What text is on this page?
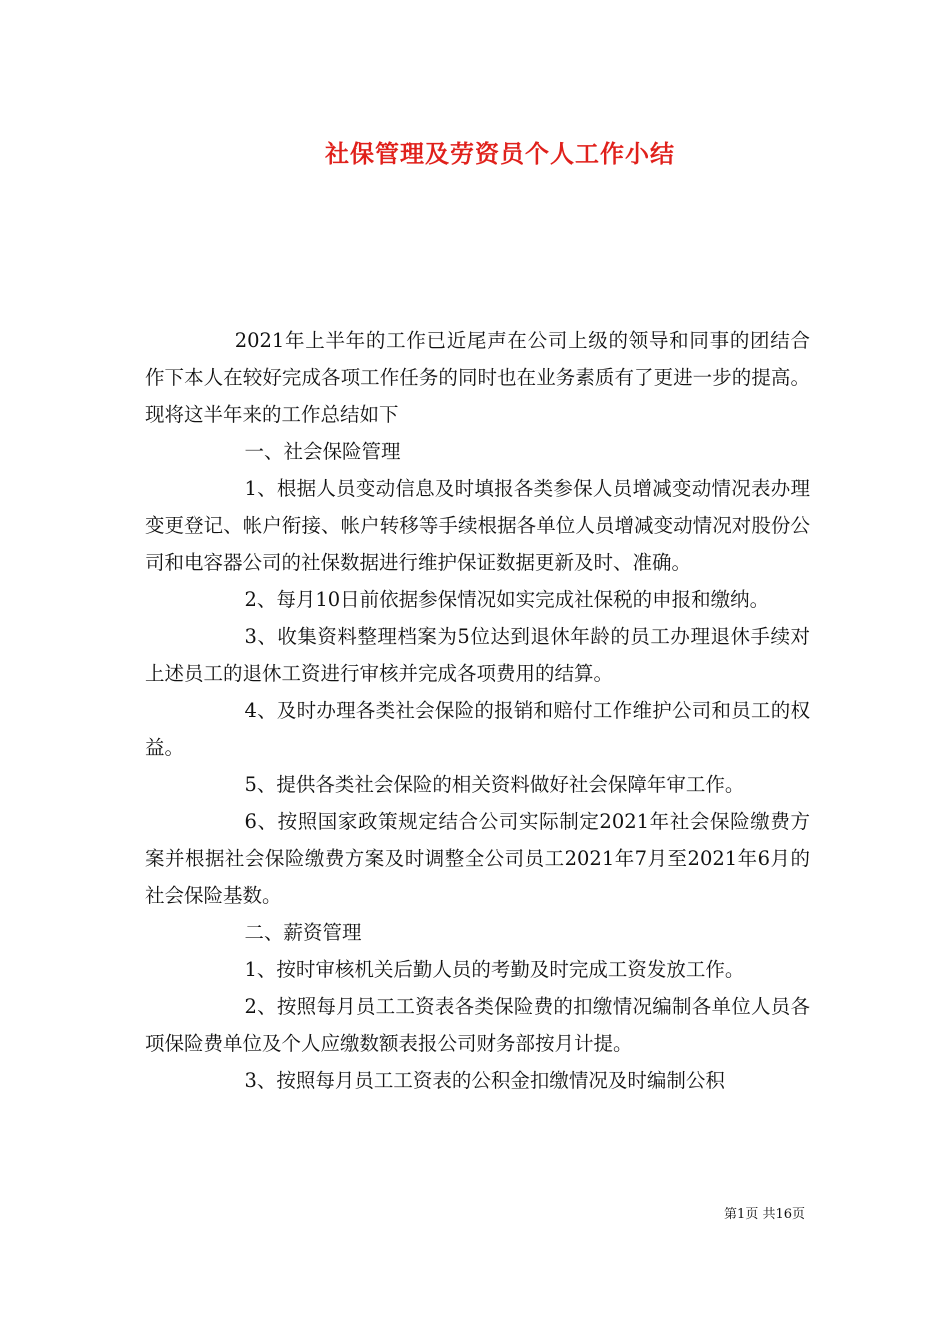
社保管理及劳资员个人工作小结

2021年上半年的工作已近尾声在公司上级的领导和同事的团结合作下本人在较好完成各项工作任务的同时也在业务素质有了更进一步的提高。现将这半年来的工作总结如下

一、社会保险管理

1、根据人员变动信息及时填报各类参保人员增减变动情况表办理变更登记、帐户衔接、帐户转移等手续根据各单位人员增减变动情况对股份公司和电容器公司的社保数据进行维护保证数据更新及时、准确。

2、每月10日前依据参保情况如实完成社保税的申报和缴纳。

3、收集资料整理档案为5位达到退休年龄的员工办理退休手续对上述员工的退休工资进行审核并完成各项费用的结算。

4、及时办理各类社会保险的报销和赔付工作维护公司和员工的权益。

5、提供各类社会保险的相关资料做好社会保障年审工作。

6、按照国家政策规定结合公司实际制定2021年社会保险缴费方案并根据社会保险缴费方案及时调整全公司员工2021年7月至2021年6月的社会保险基数。

二、薪资管理

1、按时审核机关后勤人员的考勤及时完成工资发放工作。

2、按照每月员工工资表各类保险费的扣缴情况编制各单位人员各项保险费单位及个人应缴数额表报公司财务部按月计提。

3、按照每月员工工资表的公积金扣缴情况及时编制公积

第1页 共16页
